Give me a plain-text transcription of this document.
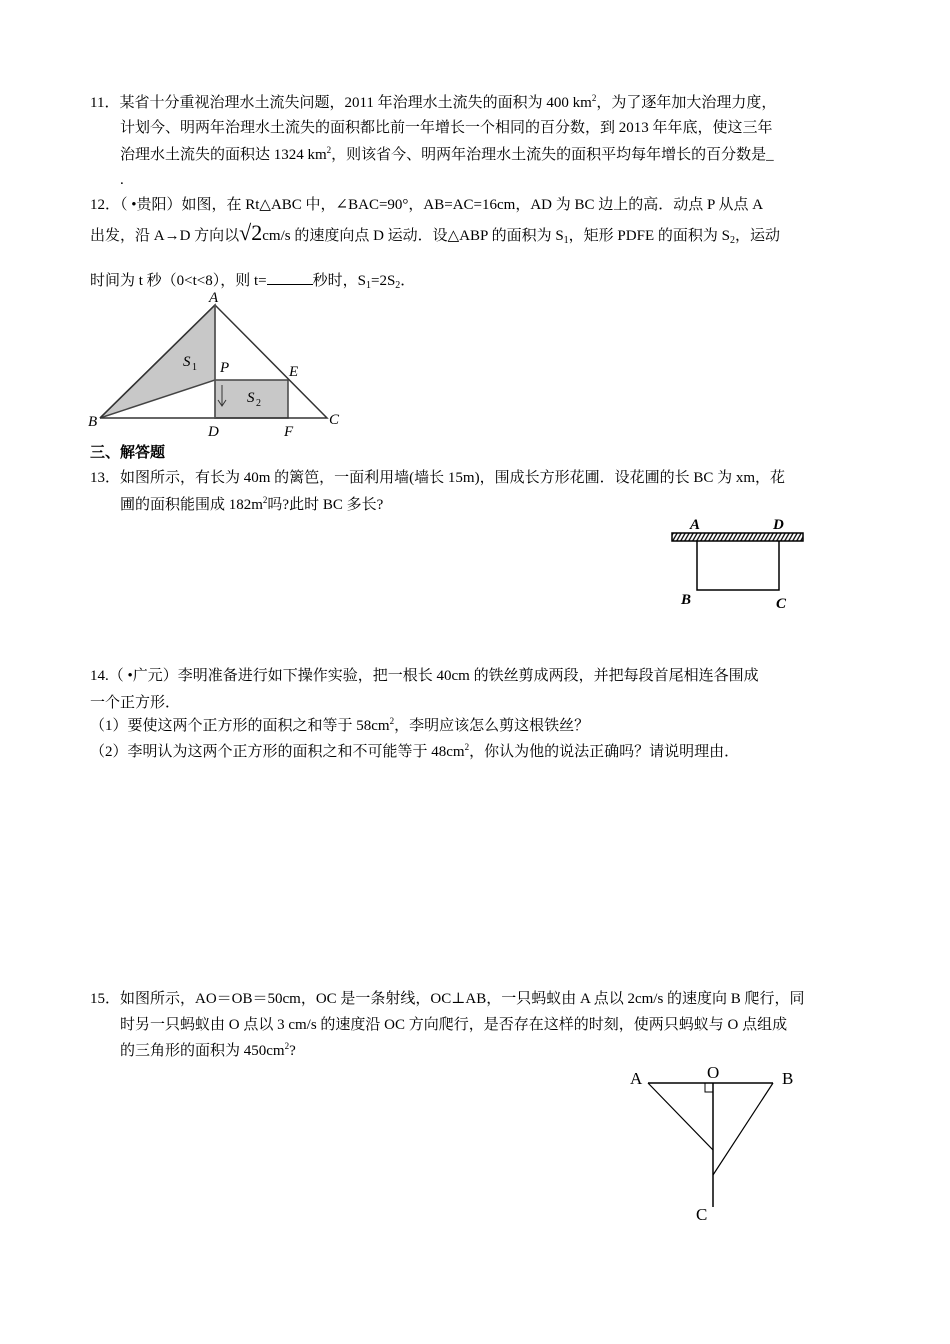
11．某省十分重视治理水土流失问题，2011 年治理水土流失的面积为 400 $km^2$，为了逐年加大治理力度，
计划今、明两年治理水土流失的面积都比前一年增长一个相同的百分数，到 2013 年年底，使这三年
治理水土流失的面积达 1324 $km^2$，则该省今、明两年治理水土流失的面积平均每年增长的百分数是_
.
12．（ •贵阳）如图，在 Rt△ABC 中，∠BAC=90°，AB=AC=16cm，AD 为 BC 边上的高．动点 P 从点 A
出发，沿 A→D 方向以√2cm/s 的速度向点 D 运动．设△ABP 的面积为 $S_1$，矩形 PDFE 的面积为 $S_2$，运动
时间为 t 秒（0<t<8），则 t=	秒时，$S_1=2S_2$．
A
B	C
D	F
E
P
S 1
S 2
三、解答题
13．如图所示，有长为 40m 的篱笆，一面利用墙(墙长 15m)，围成长方形花圃．设花圃的长 BC 为 xm，花
圃的面积能围成 $182m^2$吗?此时 BC 多长?
A	D
B	C
14.（ •广元）李明准备进行如下操作实验，把一根长 40cm 的铁丝剪成两段，并把每段首尾相连各围成
一个正方形．
（1）要使这两个正方形的面积之和等于 $58cm^2$，李明应该怎么剪这根铁丝？
（2）李明认为这两个正方形的面积之和不可能等于 $48cm^2$，你认为他的说法正确吗？请说明理由．
15．如图所示，AO＝OB＝50cm，OC 是一条射线，OC⊥AB，一只蚂蚁由 A 点以 2cm/s 的速度向 B 爬行，同
时另一只蚂蚁由 O 点以 3 cm/s 的速度沿 OC 方向爬行，是否存在这样的时刻，使两只蚂蚁与 O 点组成
的三角形的面积为 $450cm^2$?
A	O	B
C
